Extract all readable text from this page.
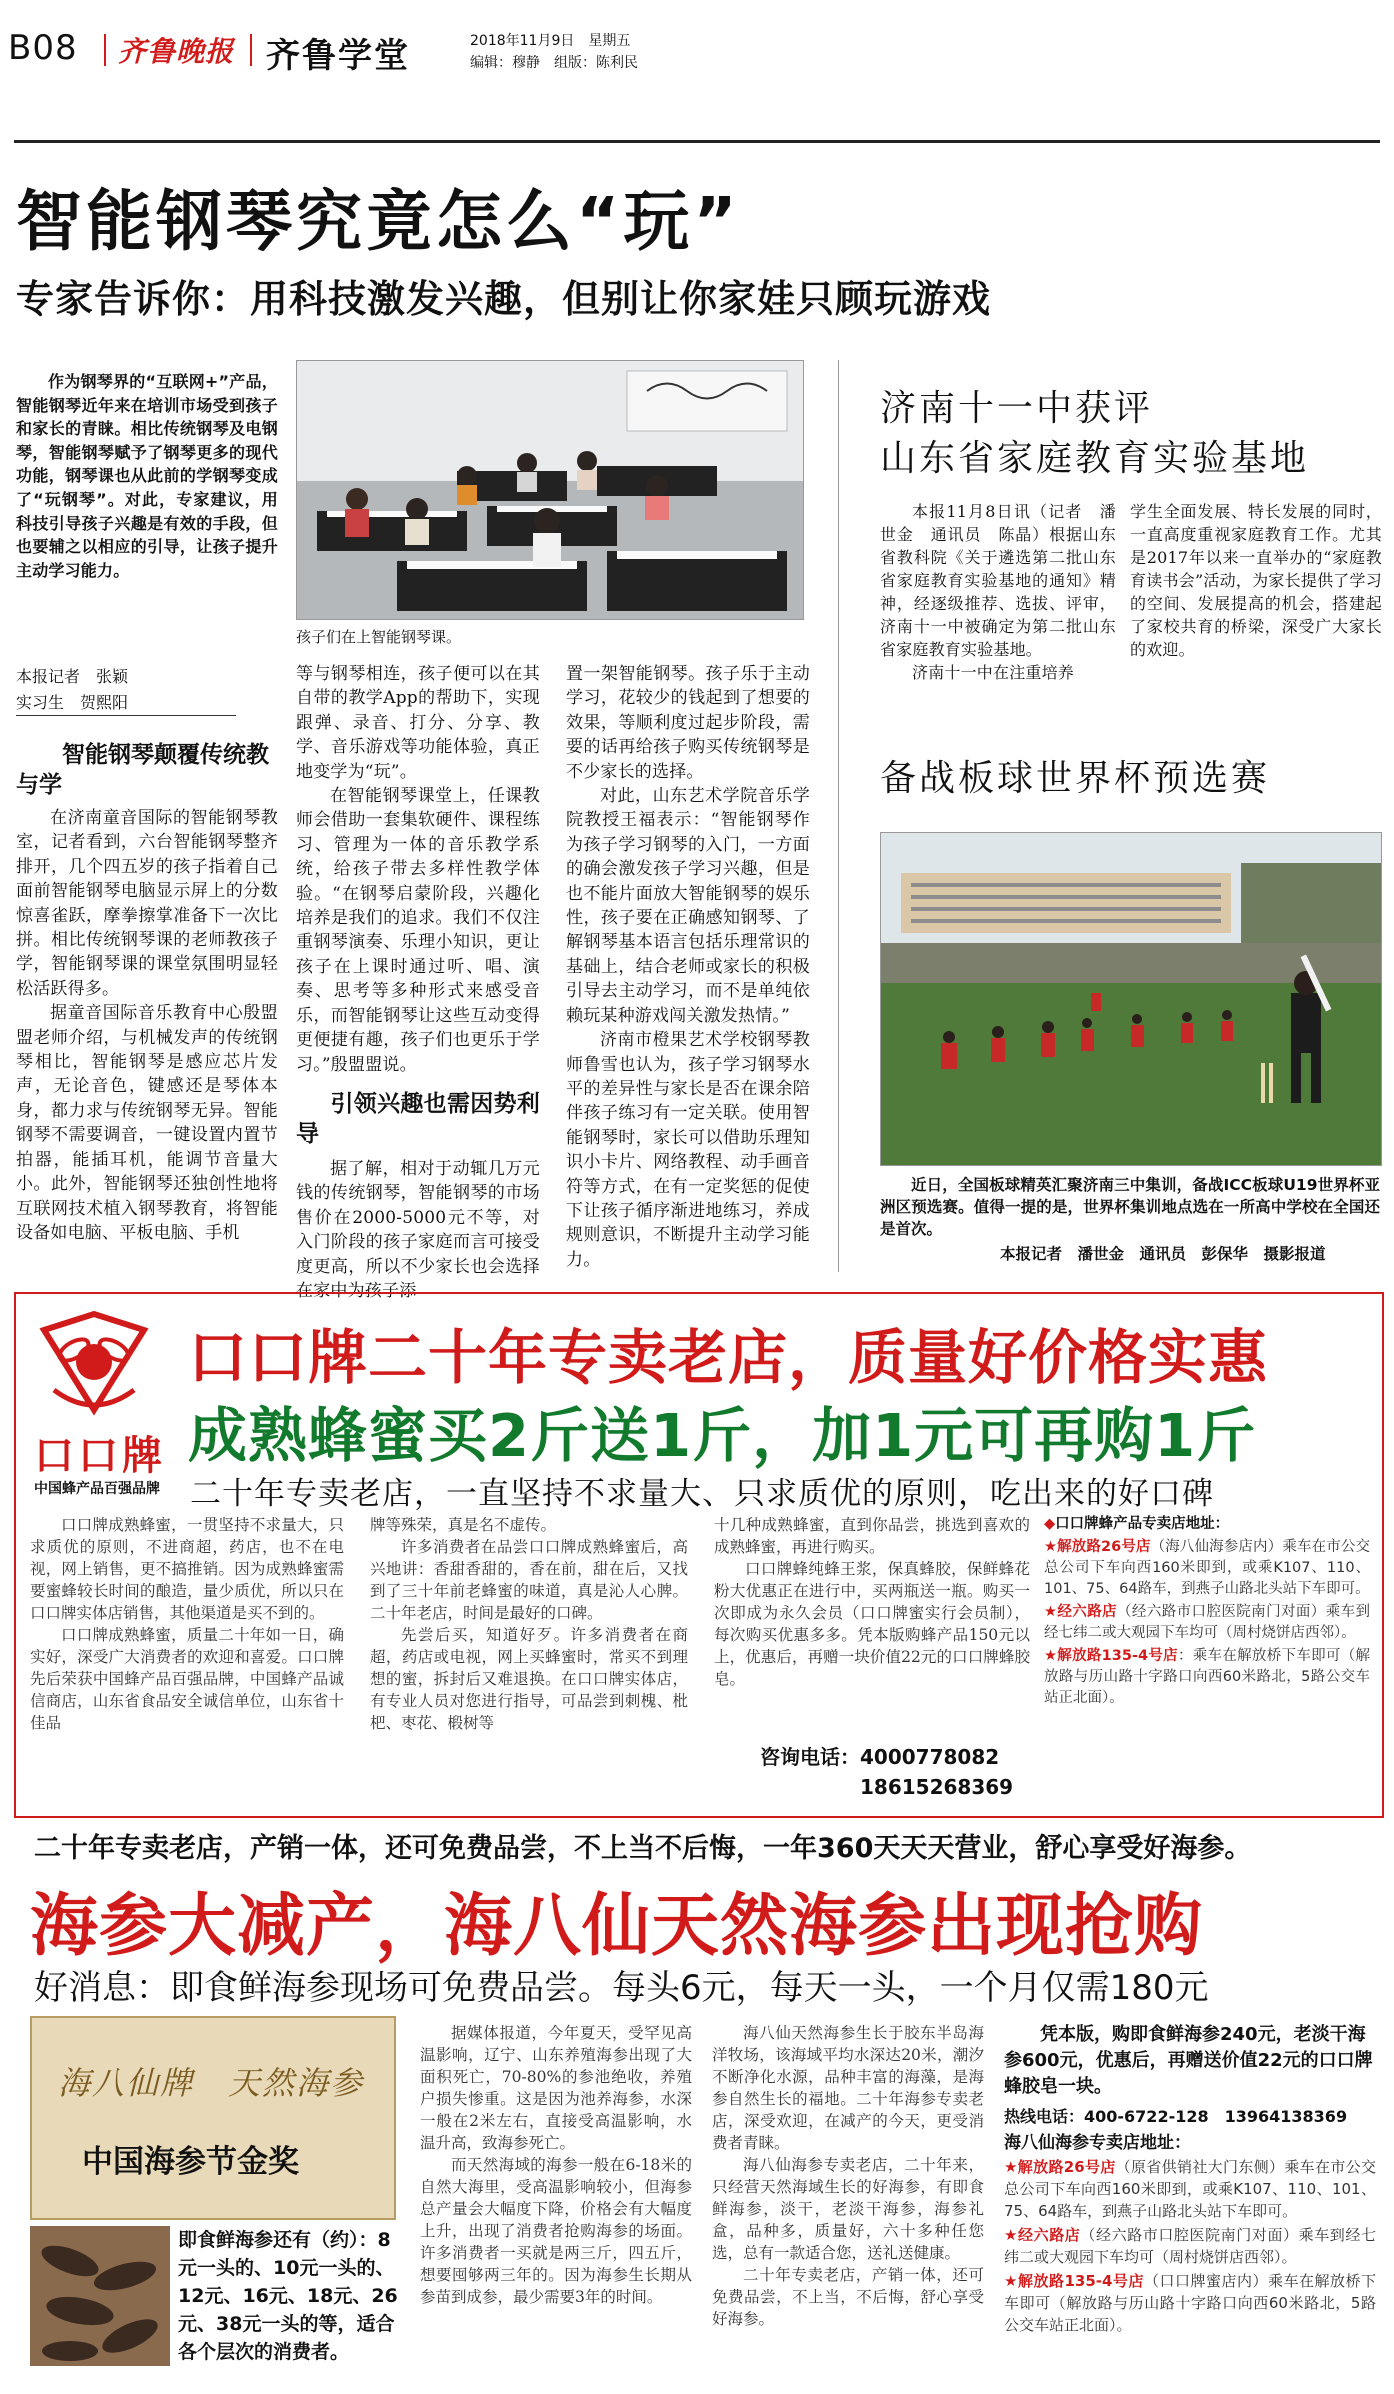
B08 齐鲁晚报 齐鲁学堂	2018年11月9日　星期五
编辑：穆静　组版：陈利民
智能钢琴究竟怎么“玩”
专家告诉你：用科技激发兴趣，但别让你家娃只顾玩游戏
作为钢琴界的“互联网+”产品，智能钢琴近年来在培训市场受到孩子和家长的青睐。相比传统钢琴及电钢琴，智能钢琴赋予了钢琴更多的现代功能，钢琴课也从此前的学钢琴变成了“玩钢琴”。对此，专家建议，用科技引导孩子兴趣是有效的手段，但也要辅之以相应的引导，让孩子提升主动学习能力。
孩子们在上智能钢琴课。
本报记者　张颖
实习生　贺熙阳
智能钢琴颠覆传统教与学
在济南童音国际的智能钢琴教室，记者看到，六台智能钢琴整齐排开，几个四五岁的孩子指着自己面前智能钢琴电脑显示屏上的分数惊喜雀跃，摩拳擦掌准备下一次比拼。相比传统钢琴课的老师教孩子学，智能钢琴课的课堂氛围明显轻松活跃得多。
据童音国际音乐教育中心殷盟盟老师介绍，与机械发声的传统钢琴相比，智能钢琴是感应芯片发声，无论音色，键感还是琴体本身，都力求与传统钢琴无异。智能钢琴不需要调音，一键设置内置节拍器，能插耳机，能调节音量大小。此外，智能钢琴还独创性地将互联网技术植入钢琴教育，将智能设备如电脑、平板电脑、手机
等与钢琴相连，孩子便可以在其自带的教学App的帮助下，实现跟弹、录音、打分、分享、教学、音乐游戏等功能体验，真正地变学为“玩”。
在智能钢琴课堂上，任课教师会借助一套集软硬件、课程练习、管理为一体的音乐教学系统，给孩子带去多样性教学体验。“在钢琴启蒙阶段，兴趣化培养是我们的追求。我们不仅注重钢琴演奏、乐理小知识，更让孩子在上课时通过听、唱、演奏、思考等多种形式来感受音乐，而智能钢琴让这些互动变得更便捷有趣，孩子们也更乐于学习。”殷盟盟说。
引领兴趣也需因势利导
据了解，相对于动辄几万元钱的传统钢琴，智能钢琴的市场售价在2000-5000元不等，对入门阶段的孩子家庭而言可接受度更高，所以不少家长也会选择在家中为孩子添
置一架智能钢琴。孩子乐于主动学习，花较少的钱起到了想要的效果，等顺利度过起步阶段，需要的话再给孩子购买传统钢琴是不少家长的选择。
对此，山东艺术学院音乐学院教授王福表示：“智能钢琴作为孩子学习钢琴的入门，一方面的确会激发孩子学习兴趣，但是也不能片面放大智能钢琴的娱乐性，孩子要在正确感知钢琴、了解钢琴基本语言包括乐理常识的基础上，结合老师或家长的积极引导去主动学习，而不是单纯依赖玩某种游戏闯关激发热情。”
济南市橙果艺术学校钢琴教师鲁雪也认为，孩子学习钢琴水平的差异性与家长是否在课余陪伴孩子练习有一定关联。使用智能钢琴时，家长可以借助乐理知识小卡片、网络教程、动手画音符等方式，在有一定奖惩的促使下让孩子循序渐进地练习，养成规则意识，不断提升主动学习能力。
济南十一中获评
山东省家庭教育实验基地
本报11月8日讯（记者　潘世金　通讯员　陈晶）根据山东省教科院《关于遴选第二批山东省家庭教育实验基地的通知》精神，经逐级推荐、选拔、评审，济南十一中被确定为第二批山东省家庭教育实验基地。
济南十一中在注重培养
学生全面发展、特长发展的同时，一直高度重视家庭教育工作。尤其是2017年以来一直举办的“家庭教育读书会”活动，为家长提供了学习的空间、发展提高的机会，搭建起了家校共育的桥梁，深受广大家长的欢迎。
备战板球世界杯预选赛
近日，全国板球精英汇聚济南三中集训，备战ICC板球U19世界杯亚洲区预选赛。值得一提的是，世界杯集训地点选在一所高中学校在全国还是首次。
本报记者　潘世金　通讯员　彭保华　摄影报道
口口牌
中国蜂产品百强品牌
口口牌二十年专卖老店，质量好价格实惠
成熟蜂蜜买2斤送1斤，加1元可再购1斤
二十年专卖老店，一直坚持不求量大、只求质优的原则，吃出来的好口碑

口口牌成熟蜂蜜，一贯坚持不求量大，只求质优的原则，不进商超，药店，也不在电视，网上销售，更不搞推销。因为成熟蜂蜜需要蜜蜂较长时间的酿造，量少质优，所以只在口口牌实体店销售，其他渠道是买不到的。

口口牌成熟蜂蜜，质量二十年如一日，确实好，深受广大消费者的欢迎和喜爱。口口牌先后荣获中国蜂产品百强品牌，中国蜂产品诚信商店，山东省食品安全诚信单位，山东省十佳品

牌等殊荣，真是名不虚传。

许多消费者在品尝口口牌成熟蜂蜜后，高兴地讲：香甜香甜的，香在前，甜在后，又找到了三十年前老蜂蜜的味道，真是沁人心脾。二十年老店，时间是最好的口碑。

先尝后买，知道好歹。许多消费者在商超，药店或电视，网上买蜂蜜时，常买不到理想的蜜，拆封后又难退换。在口口牌实体店，有专业人员对您进行指导，可品尝到刺槐、枇杷、枣花、椴树等

十几种成熟蜂蜜，直到你品尝，挑选到喜欢的成熟蜂蜜，再进行购买。

口口牌蜂纯蜂王浆，保真蜂胶，保鲜蜂花粉大优惠正在进行中，买两瓶送一瓶。购买一次即成为永久会员（口口牌蜜实行会员制），每次购买优惠多多。凭本版购蜂产品150元以上，优惠后，再赠一块价值22元的口口牌蜂胶皂。

咨询电话：4000778082
18615268369

◆口口牌蜂产品专卖店地址：

★解放路26号店（海八仙海参店内）乘车在市公交总公司下车向西160米即到，或乘K107、110、101、75、64路车，到燕子山路北头站下车即可。

★经六路店（经六路市口腔医院南门对面）乘车到经七纬二或大观园下车均可（周村烧饼店西邻）。

★解放路135-4号店：乘车在解放桥下车即可（解放路与历山路十字路口向西60米路北，5路公交车站正北面）。

二十年专卖老店，产销一体，还可免费品尝，不上当不后悔，一年360天天天营业，舒心享受好海参。
海参大减产，海八仙天然海参出现抢购
好消息：即食鲜海参现场可免费品尝。每头6元，每天一头，一个月仅需180元
海八仙牌　天然海参
中国海参节金奖
即食鲜海参还有（约）：8元一头的、10元一头的、12元、16元、18元、26元、38元一头的等，适合各个层次的消费者。

据媒体报道，今年夏天，受罕见高温影响，辽宁、山东养殖海参出现了大面积死亡，70-80%的参池绝收，养殖户损失惨重。这是因为池养海参，水深一般在2米左右，直接受高温影响，水温升高，致海参死亡。

而天然海域的海参一般在6-18米的自然大海里，受高温影响较小，但海参总产量会大幅度下降，价格会有大幅度上升，出现了消费者抢购海参的场面。许多消费者一买就是两三斤，四五斤，想要囤够两三年的。因为海参生长期从参苗到成参，最少需要3年的时间。

海八仙天然海参生长于胶东半岛海洋牧场，该海域平均水深达20米，潮汐不断净化水源，品种丰富的海藻，是海参自然生长的福地。二十年海参专卖老店，深受欢迎，在减产的今天，更受消费者青睐。

海八仙海参专卖老店，二十年来，只经营天然海域生长的好海参，有即食鲜海参，淡干，老淡干海参，海参礼盒，品种多，质量好，六十多种任您选，总有一款适合您，送礼送健康。

二十年专卖老店，产销一体，还可免费品尝，不上当，不后悔，舒心享受好海参。

凭本版，购即食鲜海参240元，老淡干海参600元，优惠后，再赠送价值22元的口口牌蜂胶皂一块。
热线电话：400-6722-128　13964138369

海八仙海参专卖店地址：

★解放路26号店（原省供销社大门东侧）乘车在市公交总公司下车向西160米即到，或乘K107、110、101、75、64路车，到燕子山路北头站下车即可。

★经六路店（经六路市口腔医院南门对面）乘车到经七纬二或大观园下车均可（周村烧饼店西邻）。

★解放路135-4号店（口口牌蜜店内）乘车在解放桥下车即可（解放路与历山路十字路口向西60米路北，5路公交车站正北面）。
